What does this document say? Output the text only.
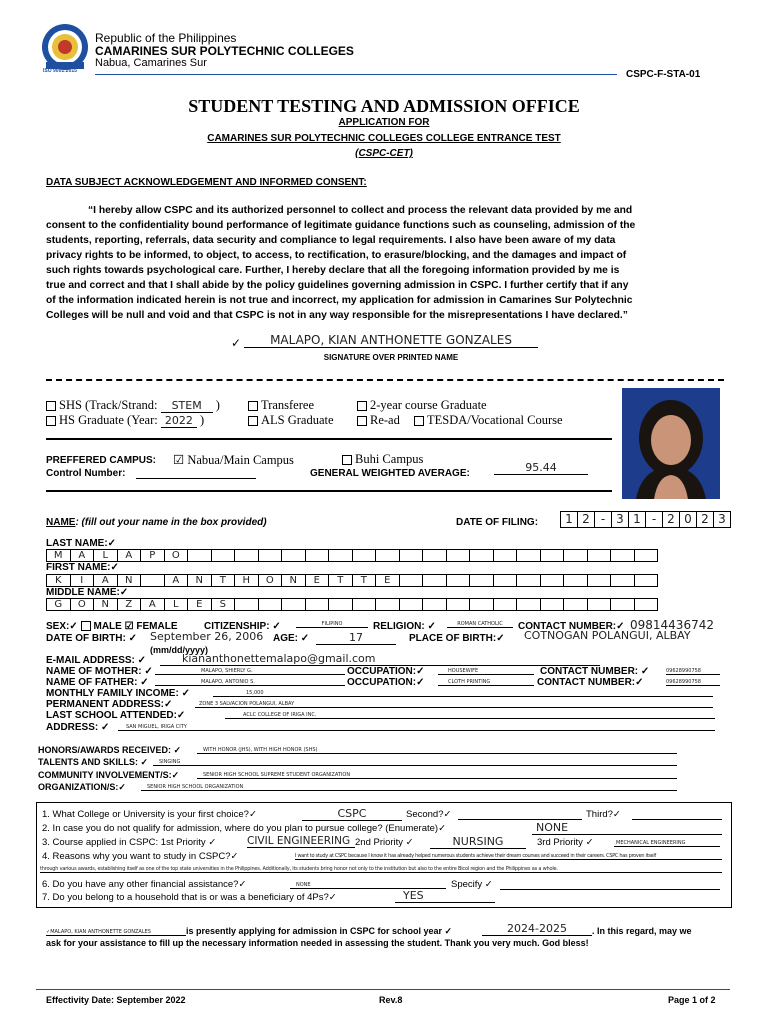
ISO 9001:2015
Republic of the Philippines
CAMARINES SUR POLYTECHNIC COLLEGES
Nabua, Camarines Sur
CSPC-F-STA-01
STUDENT TESTING AND ADMISSION OFFICE
APPLICATION FOR
CAMARINES SUR POLYTECHNIC COLLEGES COLLEGE ENTRANCE TEST
(CSPC-CET)
DATA SUBJECT ACKNOWLEDGEMENT AND INFORMED CONSENT:
“I hereby allow CSPC and its authorized personnel to collect and process the relevant data provided by me and
consent to the confidentiality bound performance of legitimate guidance functions such as counseling, admission of the
students, reporting, referrals, data security and compliance to legal requirements. I also have been aware of my data
privacy rights to be informed, to object, to access, to rectification, to erasure/blocking, and the damages and impact of
such rights towards psychological care. Further, I hereby declare that all the foregoing information provided by me is
true and correct and that I shall abide by the policy guidelines governing admission in CSPC. I further certify that if any
of the information indicated herein is not true and incorrect, my application for admission in Camarines Sur Polytechnic
Colleges will be null and void and that CSPC is not in any way responsible for the misrepresentations I have declared.”
✓	MALAPO, KIAN ANTHONETTE GONZALES
SIGNATURE OVER PRINTED NAME
SHS (Track/Strand: STEM )
HS Graduate (Year: 2022 )
Transferee
ALS Graduate
2-year course Graduate
Re-ad	TESDA/Vocational Course
PREFFERED CAMPUS: ☑ Nabua/Main Campus	Buhi Campus
Control Number:	GENERAL WEIGHTED AVERAGE:	95.44
NAME: (fill out your name in the box provided)	DATE OF FILING:	1 2 - 3 1 - 2 0 2 3
LAST NAME:✓
M	A	L	A	P	O
FIRST NAME:✓
K	I	A	N	A	N	T	H	O	N	E	T	T	E
MIDDLE NAME:✓
G	O	N	Z	A	L	E	S
SEX:✓ MALE ☑ FEMALE	CITIZENSHIP: ✓	FILIPINO	RELIGION: ✓	ROMAN CATHOLIC	CONTACT NUMBER:✓ 09814436742
DATE OF BIRTH: ✓ September 26, 2006 AGE: ✓	17	PLACE OF BIRTH:✓ COTNOGAN POLANGUI, ALBAY
(mm/dd/yyyy)
E-MAIL ADDRESS: ✓	kiananthonettemalapo@gmail.com
NAME OF MOTHER: ✓	MALAPO, SHIERLY G.	OCCUPATION:✓	HOUSEWIFE	CONTACT NUMBER: ✓	09628990758
NAME OF FATHER: ✓	MALAPO, ANTONIO S.	OCCUPATION:✓	CLOTH PRINTING	CONTACT NUMBER:✓	09628990758
MONTHLY FAMILY INCOME: ✓	15,000
PERMANENT ADDRESS:✓	ZONE 3 SALVACION POLANGUI, ALBAY
LAST SCHOOL ATTENDED:✓	ACLC COLLEGE OF IRIGA INC.
ADDRESS: ✓	SAN MIGUEL, IRIGA CITY
HONORS/AWARDS RECEIVED: ✓	WITH HONOR (JHS), WITH HIGH HONOR (SHS)
TALENTS AND SKILLS: ✓	SINGING
COMMUNITY INVOLVEMENT/S:✓	SENIOR HIGH SCHOOL SUPREME STUDENT ORGANIZATION
ORGANIZATION/S:✓	SENIOR HIGH SCHOOL ORGANIZATION
1. What College or University is your first choice?✓	CSPC	Second?✓	Third?✓
2. In case you do not qualify for admission, where do you plan to pursue college? (Enumerate)✓	NONE
3. Course applied in CSPC: 1st Priority ✓	CIVIL ENGINEERING 2nd Priority ✓	NURSING	3rd Priority ✓	MECHANICAL ENGINEERING
4. Reasons why you want to study in CSPC?✓	I want to study at CSPC because I know it has already helped numerous students achieve their dream courses and succeed in their careers. CSPC has proven itself
through various awards, establishing itself as one of the top state universities in the Philippines. Additionally, its students bring honor not only to the institution but also to the entire Bicol region and the Philippines as a whole.
6. Do you have any other financial assistance?✓	NONE	Specify ✓
7. Do you belong to a household that is or was a beneficiary of 4Ps?✓	YES
✓MALAPO, KIAN ANTHONETTE GONZALES	is presently applying for admission in CSPC for school year ✓	2024-2025	. In this regard, may we
ask for your assistance to fill up the necessary information needed in assessing the student. Thank you very much. God bless!
Effectivity Date: September 2022	Rev.8	Page 1 of 2
